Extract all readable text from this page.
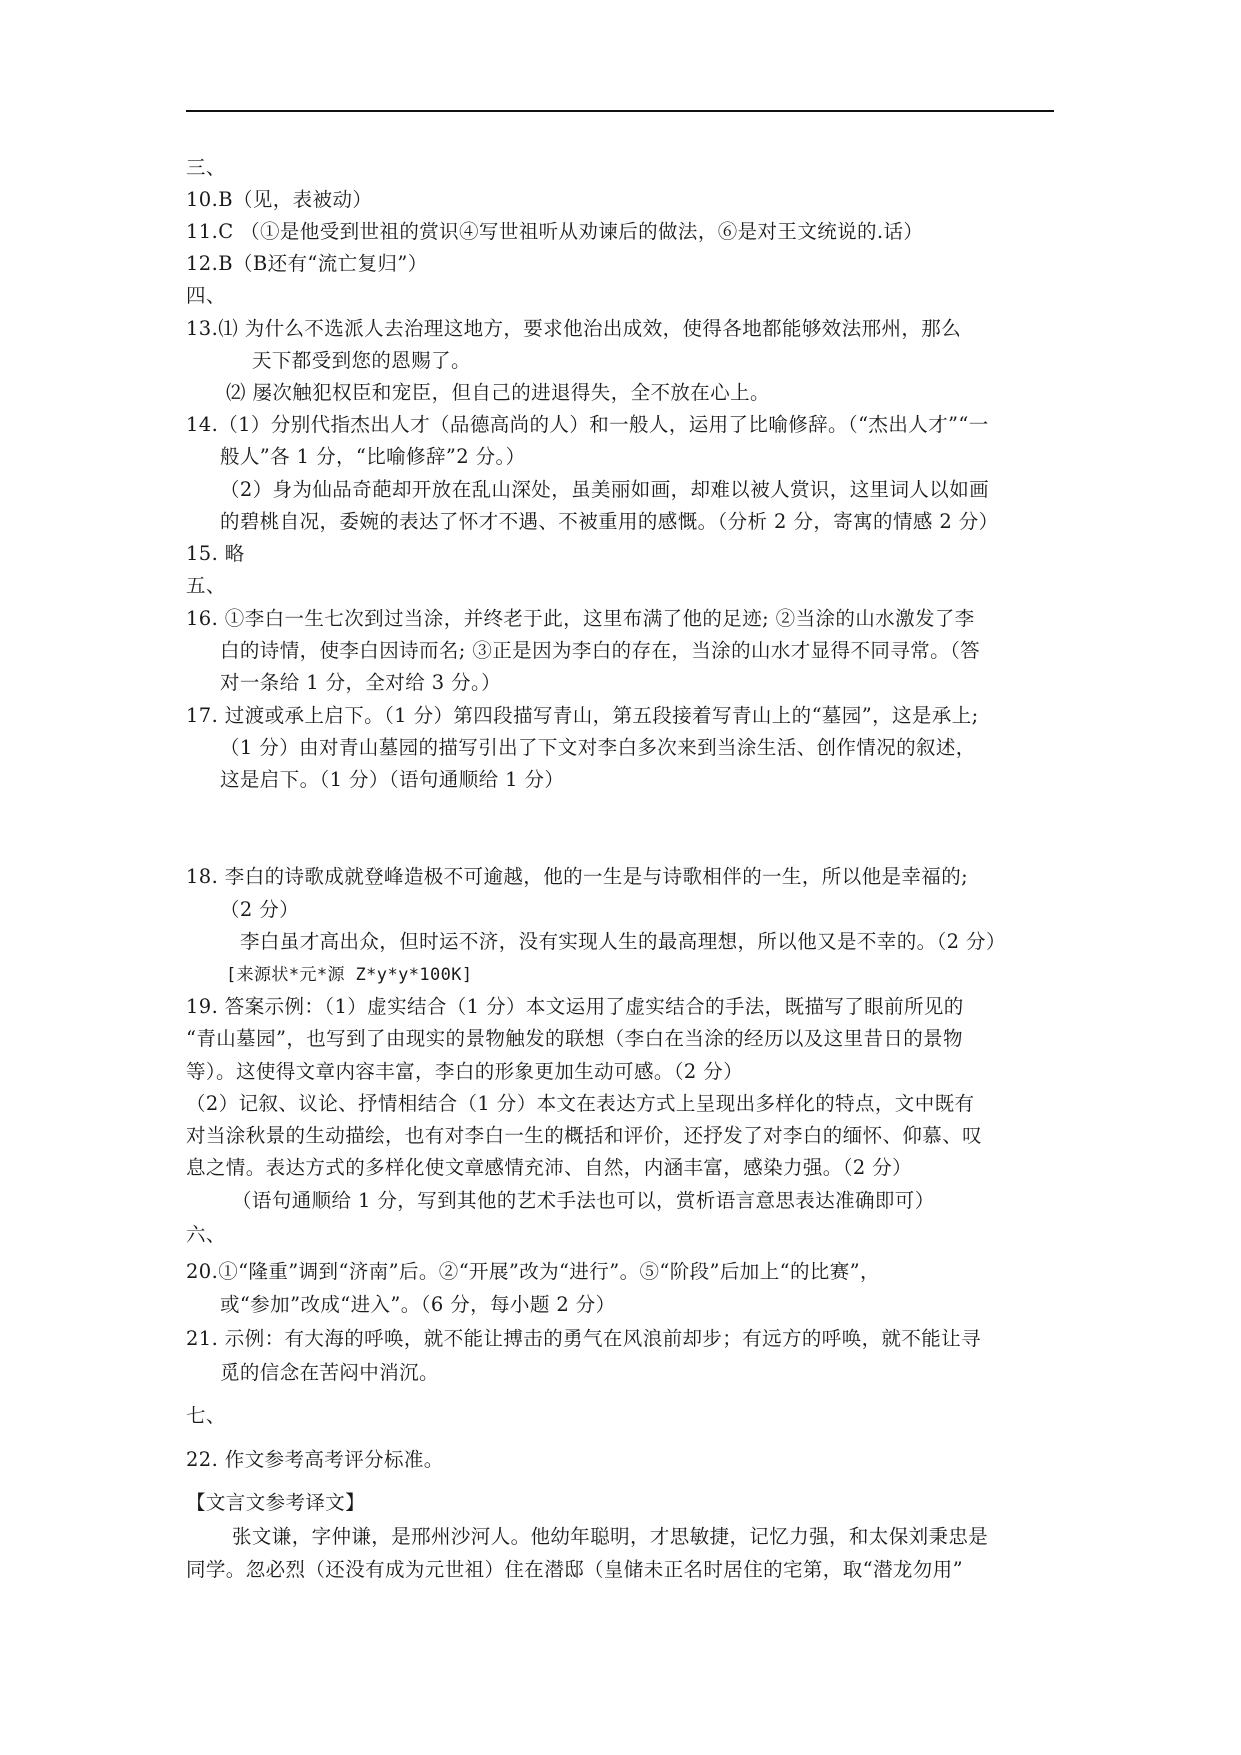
三、
10.B（见，表被动）
11.C （①是他受到世祖的赏识④写世祖听从劝谏后的做法，⑥是对王文统说的.话）
12.B（B还有“流亡复归”）
四、
13.⑴ 为什么不选派人去治理这地方，要求他治出成效，使得各地都能够效法邢州，那么
天下都受到您的恩赐了。
⑵ 屡次触犯权臣和宠臣，但自己的进退得失，全不放在心上。
14.（1）分别代指杰出人才（品德高尚的人）和一般人，运用了比喻修辞。（“杰出人才”“一
般人”各 1 分，“比喻修辞”2 分。）
（2）身为仙品奇葩却开放在乱山深处，虽美丽如画，却难以被人赏识，这里词人以如画
的碧桃自况，委婉的表达了怀才不遇、不被重用的感慨。（分析 2 分，寄寓的情感 2 分）
15. 略
五、
16. ①李白一生七次到过当涂，并终老于此，这里布满了他的足迹; ②当涂的山水激发了李
白的诗情，使李白因诗而名; ③正是因为李白的存在，当涂的山水才显得不同寻常。（答
对一条给 1 分，全对给 3 分。）
17. 过渡或承上启下。（1 分）第四段描写青山，第五段接着写青山上的“墓园”，这是承上;
（1 分）由对青山墓园的描写引出了下文对李白多次来到当涂生活、创作情况的叙述，
这是启下。（1 分）（语句通顺给 1 分）
18. 李白的诗歌成就登峰造极不可逾越，他的一生是与诗歌相伴的一生，所以他是幸福的;
（2 分）
李白虽才高出众，但时运不济，没有实现人生的最高理想，所以他又是不幸的。（2 分）
[来源状*元*源 Z*y*y*100K]
19. 答案示例：（1）虚实结合（1 分）本文运用了虚实结合的手法，既描写了眼前所见的
“青山墓园”，也写到了由现实的景物触发的联想（李白在当涂的经历以及这里昔日的景物
等）。这使得文章内容丰富，李白的形象更加生动可感。（2 分）
（2）记叙、议论、抒情相结合（1 分）本文在表达方式上呈现出多样化的特点，文中既有
对当涂秋景的生动描绘，也有对李白一生的概括和评价，还抒发了对李白的缅怀、仰慕、叹
息之情。表达方式的多样化使文章感情充沛、自然，内涵丰富，感染力强。（2 分）
（语句通顺给 1 分，写到其他的艺术手法也可以，赏析语言意思表达准确即可）
六、
20.①“隆重”调到“济南”后。②“开展”改为“进行”。⑤“阶段”后加上“的比赛”，
或“参加”改成“进入”。（6 分，每小题 2 分）
21. 示例：有大海的呼唤，就不能让搏击的勇气在风浪前却步；有远方的呼唤，就不能让寻
觅的信念在苦闷中消沉。
七、
22. 作文参考高考评分标准。
【文言文参考译文】
张文谦，字仲谦，是邢州沙河人。他幼年聪明，才思敏捷，记忆力强，和太保刘秉忠是
同学。忽必烈（还没有成为元世祖）住在潜邸（皇储未正名时居住的宅第，取“潜龙勿用”
